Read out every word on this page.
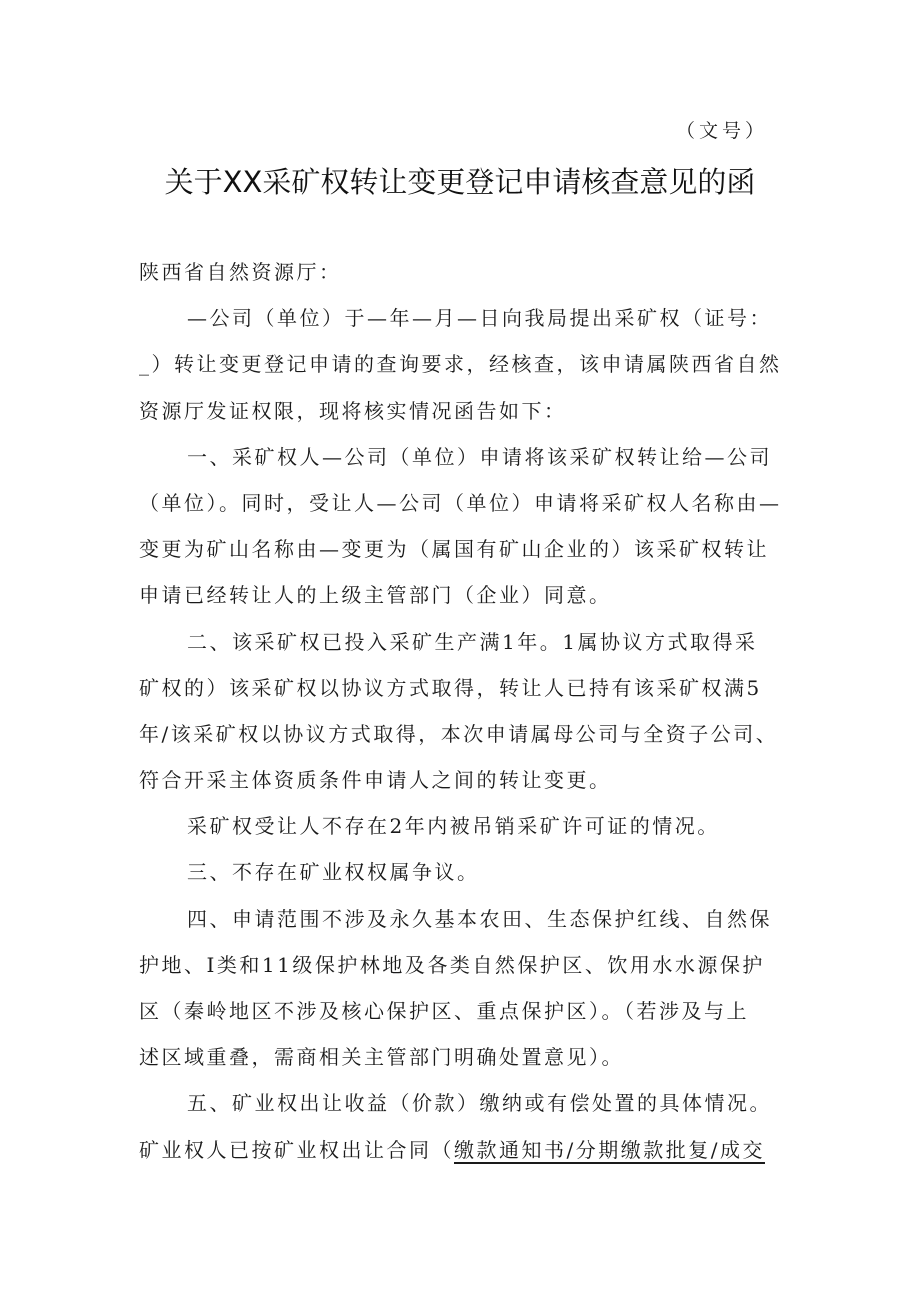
（文号）
关于XX采矿权转让变更登记申请核查意见的函
陕西省自然资源厅：
—公司（单位）于—年—月—日向我局提出采矿权（证号：
_）转让变更登记申请的查询要求，经核查，该申请属陕西省自然
资源厅发证权限，现将核实情况函告如下：
一、采矿权人—公司（单位）申请将该采矿权转让给—公司
（单位）。同时，受让人—公司（单位）申请将采矿权人名称由—
变更为矿山名称由—变更为（属国有矿山企业的）该采矿权转让
申请已经转让人的上级主管部门（企业）同意。
二、该采矿权已投入采矿生产满1年。1属协议方式取得采
矿权的）该采矿权以协议方式取得，转让人已持有该采矿权满5
年/该采矿权以协议方式取得，本次申请属母公司与全资子公司、
符合开采主体资质条件申请人之间的转让变更。
采矿权受让人不存在2年内被吊销采矿许可证的情况。
三、不存在矿业权权属争议。
四、申请范围不涉及永久基本农田、生态保护红线、自然保
护地、I类和11级保护林地及各类自然保护区、饮用水水源保护
区（秦岭地区不涉及核心保护区、重点保护区）。（若涉及与上
述区域重叠，需商相关主管部门明确处置意见）。
五、矿业权出让收益（价款）缴纳或有偿处置的具体情况。
矿业权人已按矿业权出让合同（缴款通知书/分期缴款批复/成交
